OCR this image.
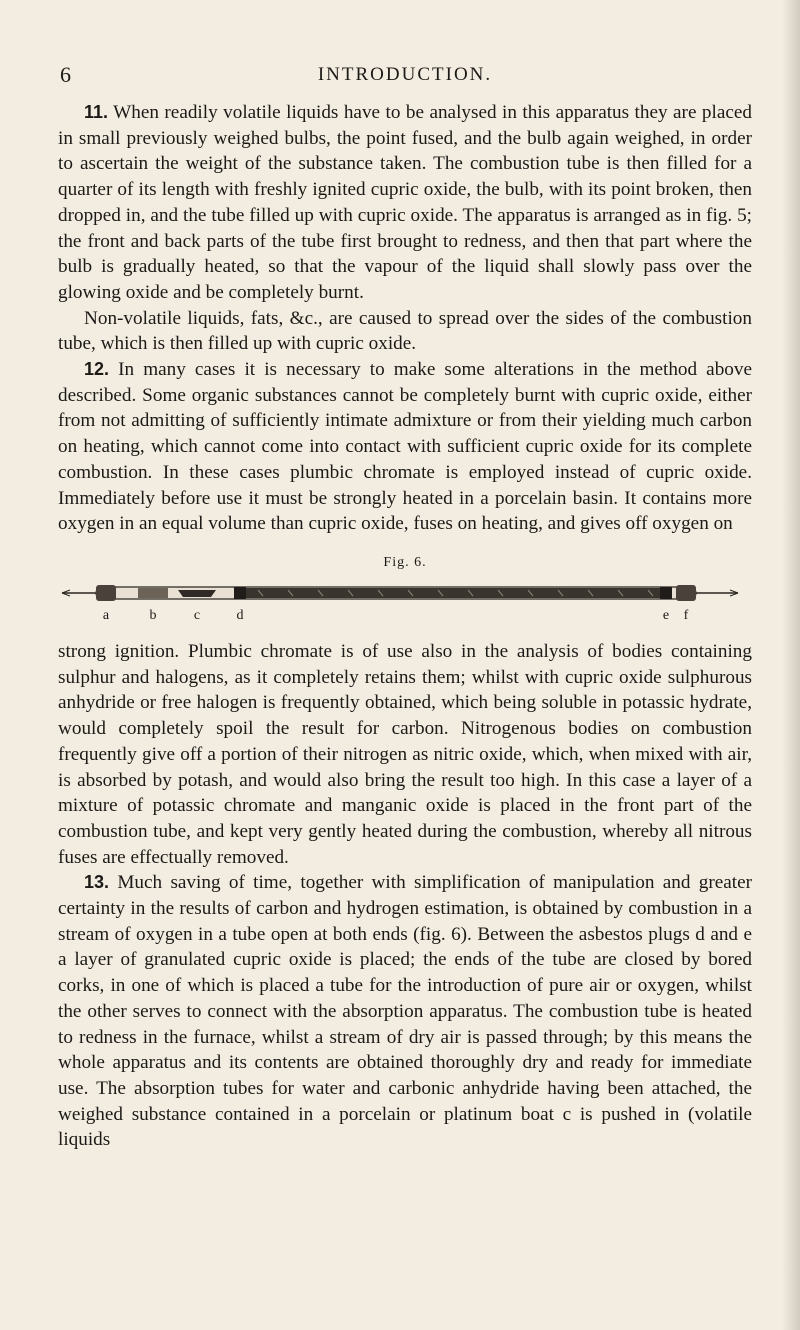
6	INTRODUCTION.

11. When readily volatile liquids have to be analysed in this apparatus they are placed in small previously weighed bulbs, the point fused, and the bulb again weighed, in order to ascertain the weight of the substance taken. The combustion tube is then filled for a quarter of its length with freshly ignited cupric oxide, the bulb, with its point broken, then dropped in, and the tube filled up with cupric oxide. The apparatus is arranged as in fig. 5; the front and back parts of the tube first brought to redness, and then that part where the bulb is gradually heated, so that the vapour of the liquid shall slowly pass over the glowing oxide and be completely burnt.

Non-volatile liquids, fats, &c., are caused to spread over the sides of the combustion tube, which is then filled up with cupric oxide.

12. In many cases it is necessary to make some alterations in the method above described. Some organic substances cannot be completely burnt with cupric oxide, either from not admitting of sufficiently intimate admixture or from their yielding much carbon on heating, which cannot come into contact with sufficient cupric oxide for its complete combustion. In these cases plumbic chromate is employed instead of cupric oxide. Immediately before use it must be strongly heated in a porcelain basin. It contains more oxygen in an equal volume than cupric oxide, fuses on heating, and gives off oxygen on

Fig. 6.
a	b	c	d	e f

strong ignition. Plumbic chromate is of use also in the analysis of bodies containing sulphur and halogens, as it completely retains them; whilst with cupric oxide sulphurous anhydride or free halogen is frequently obtained, which being soluble in potassic hydrate, would completely spoil the result for carbon. Nitrogenous bodies on combustion frequently give off a portion of their nitrogen as nitric oxide, which, when mixed with air, is absorbed by potash, and would also bring the result too high. In this case a layer of a mixture of potassic chromate and manganic oxide is placed in the front part of the combustion tube, and kept very gently heated during the combustion, whereby all nitrous fuses are effectually removed.

13. Much saving of time, together with simplification of manipulation and greater certainty in the results of carbon and hydrogen estimation, is obtained by combustion in a stream of oxygen in a tube open at both ends (fig. 6). Between the asbestos plugs d and e a layer of granulated cupric oxide is placed; the ends of the tube are closed by bored corks, in one of which is placed a tube for the introduction of pure air or oxygen, whilst the other serves to connect with the absorption apparatus. The combustion tube is heated to redness in the furnace, whilst a stream of dry air is passed through; by this means the whole apparatus and its contents are obtained thoroughly dry and ready for immediate use. The absorption tubes for water and carbonic anhydride having been attached, the weighed substance contained in a porcelain or platinum boat c is pushed in (volatile liquids
